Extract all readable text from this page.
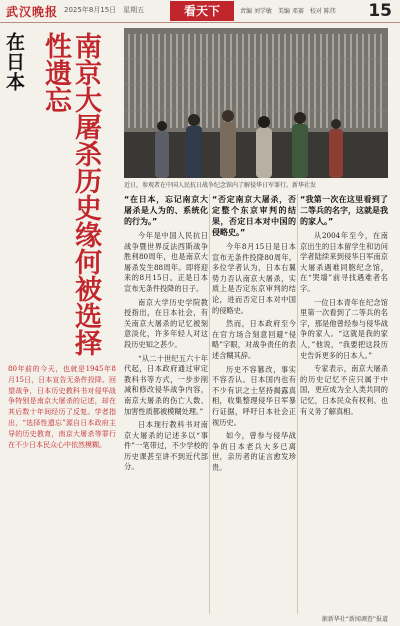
武汉晚报 2025年8月15日　星期五	看天下	责编 刘学敏　美编 邓赛　校对 陈伟 15
在日本	南京大屠杀历史缘何被选择性遗忘
近日，参观者在中国人民抗日战争纪念馆内了解侵华日军罪行。新华社发
80年前的今天，也就是1945年8月15日，日本宣告无条件投降。回望战争，日本历史教科书对侵华战争特别是南京大屠杀的记述，却在其后数十年间经历了反复。学者指出，“选择性遗忘”源自日本政府主导的历史教育，南京大屠杀等罪行在不少日本民众心中依然模糊。
“在日本，忘记南京大屠杀是人为的、系统化的行为。”

今年是中国人民抗日战争暨世界反法西斯战争胜利80周年，也是南京大屠杀发生88周年。即将迎来的8月15日，正是日本宣布无条件投降的日子。

南京大学历史学院教授指出，在日本社会，有关南京大屠杀的记忆被刻意淡化，许多年轻人对这段历史知之甚少。

“从二十世纪五六十年代起，日本政府通过审定教科书等方式，一步步削减和修改侵华战争内容，南京大屠杀的伤亡人数、加害性质都被模糊处理。”

日本现行教科书对南京大屠杀的记述多以“事件”一笔带过，不少学校的历史课甚至讲不到近代部分。

“否定南京大屠杀，否定整个东京审判的结果，否定日本对中国的侵略史。”

今年8月15日是日本宣布无条件投降80周年。多位学者认为，日本右翼势力否认南京大屠杀，实质上是否定东京审判的结论，进而否定日本对中国的侵略史。

然而，日本政府至今在官方场合刻意回避“侵略”字眼，对战争责任的表述含糊其辞。

历史不容篡改，事实不容否认。日本国内也有不少有识之士坚持揭露真相，收集整理侵华日军暴行证据，呼吁日本社会正视历史。

如今，曾参与侵华战争的日本老兵大多已离世，亲历者的证言愈发珍贵。

“我第一次在这里看到了二等兵的名字，这就是我的家人。”

从2004年至今，在南京出生的日本留学生和访问学者陆续来到侵华日军南京大屠杀遇难同胞纪念馆，在“哭墙”前寻找遇难者名字。

一位日本青年在纪念馆里第一次看到了二等兵的名字，那是他曾经参与侵华战争的家人。“这就是我的家人，”他说，“我要把这段历史告诉更多的日本人。”

专家表示，南京大屠杀的历史记忆不应只属于中国，更应成为全人类共同的记忆，日本民众有权利、也有义务了解真相。

据新华社“新闻调查”报道
